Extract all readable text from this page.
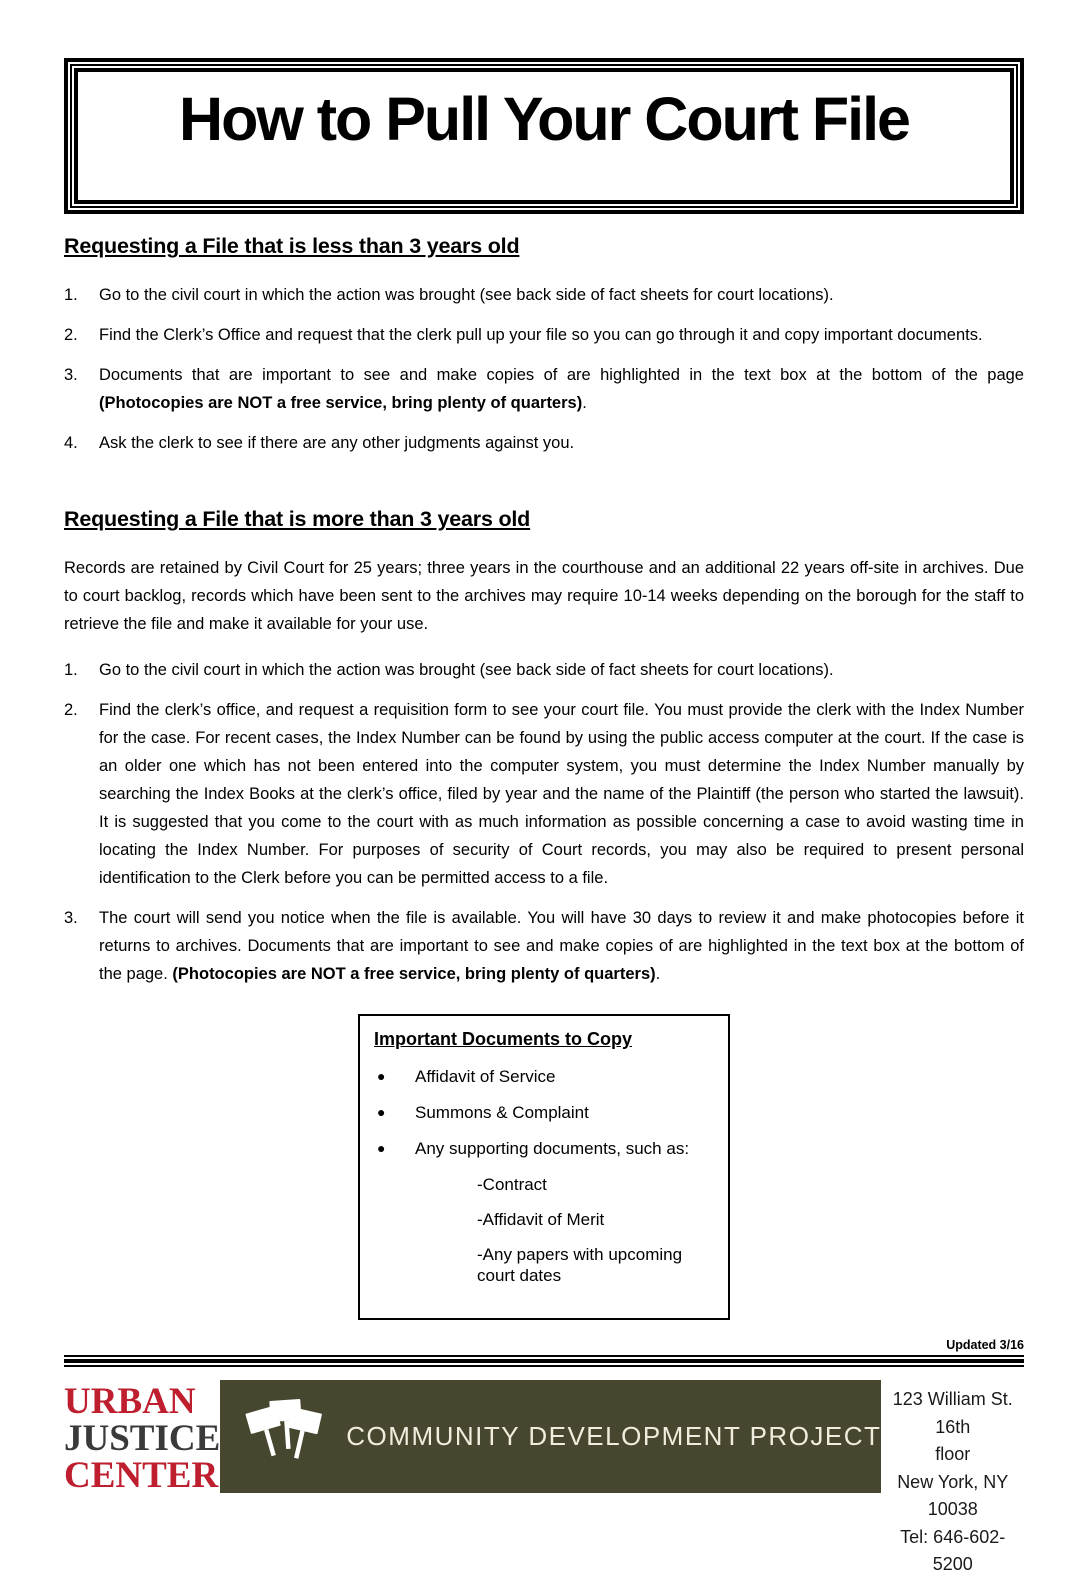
How to Pull Your Court File
Requesting a File that is less than 3 years old
1.	Go to the civil court in which the action was brought (see back side of fact sheets for court locations).

2.	Find the Clerk’s Office and request that the clerk pull up your file so you can go through it and copy important documents.

3.	Documents that are important to see and make copies of are highlighted in the text box at the bottom of the page (Photocopies are NOT a free service, bring plenty of quarters).

4.	Ask the clerk to see if there are any other judgments against you.

Requesting a File that is more than 3 years old

Records are retained by Civil Court for 25 years; three years in the courthouse and an additional 22 years off-site in archives. Due to court backlog, records which have been sent to the archives may require 10-14 weeks depending on the borough for the staff to retrieve the file and make it available for your use.

1.	Go to the civil court in which the action was brought (see back side of fact sheets for court locations).

2.	Find the clerk’s office, and request a requisition form to see your court file. You must provide the clerk with the Index Number for the case. For recent cases, the Index Number can be found by using the public access computer at the court. If the case is an older one which has not been entered into the computer system, you must determine the Index Number manually by searching the Index Books at the clerk’s office, filed by year and the name of the Plaintiff (the person who started the lawsuit). It is suggested that you come to the court with as much information as possible concerning a case to avoid wasting time in locating the Index Number. For purposes of security of Court records, you may also be required to present personal identification to the Clerk before you can be permitted access to a file.

3.	The court will send you notice when the file is available. You will have 30 days to review it and make photocopies before it returns to archives. Documents that are important to see and make copies of are highlighted in the text box at the bottom of the page. (Photocopies are NOT a free service, bring plenty of quarters).

Important Documents to Copy
●	Affidavit of Service
●	Summons & Complaint
●	Any supporting documents, such as:
-Contract
-Affidavit of Merit
-Any papers with upcoming court dates
Updated 3/16
URBAN
JUSTICE
CENTER
COMMUNITY DEVELOPMENT PROJECT
123 William St. 16th
floor
New York, NY 10038
Tel: 646-602-5200
